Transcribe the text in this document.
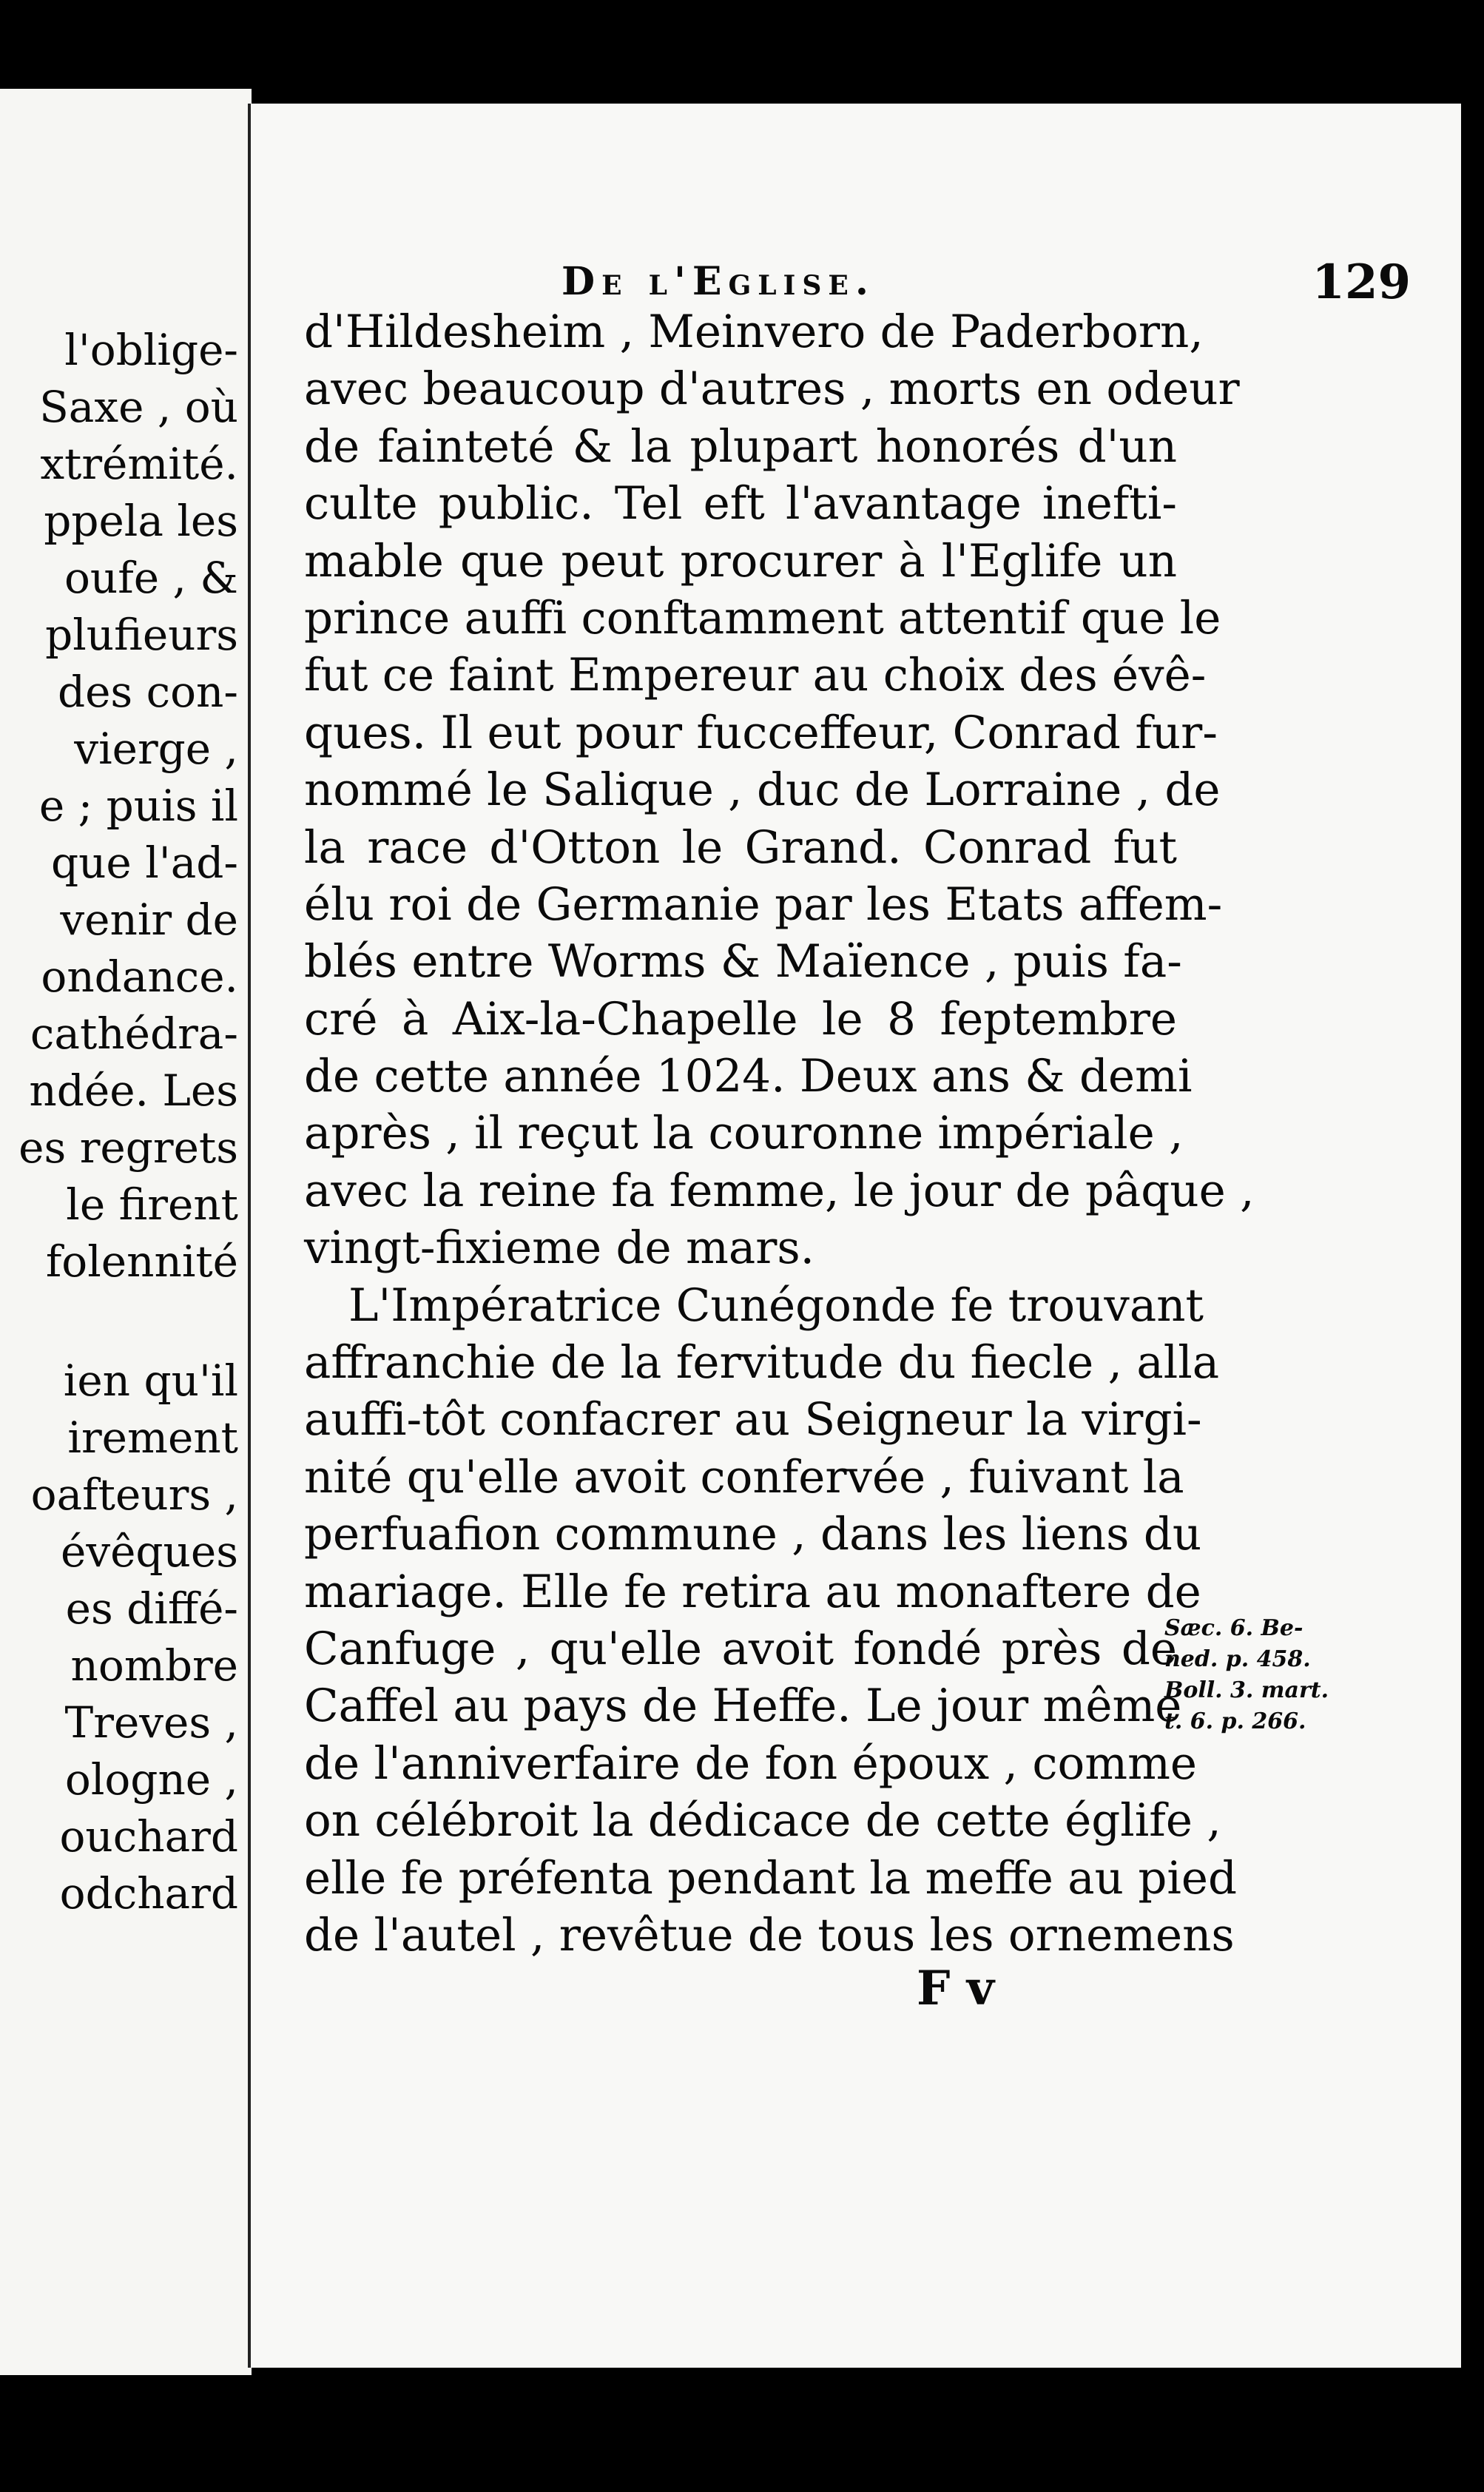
l'oblige-
Saxe , où
xtrémité.
ppela les
oufe , &
plufieurs
des con-
vierge ,
e ; puis il
que l'ad-
venir de
ondance.
cathédra-
ndée. Les
es regrets
le firent
folennité
ien qu'il
irement
oafteurs ,
évêques
es diffé-
nombre
Treves ,
ologne ,
ouchard
odchard
De l'Eglise.	129
d'Hildesheim , Meinvero de Paderborn,
avec beaucoup d'autres , morts en odeur
de fainteté & la plupart honorés d'un
culte public. Tel eft l'avantage inefti-
mable que peut procurer à l'Eglife un
prince auffi conftamment attentif que le
fut ce faint Empereur au choix des évê-
ques. Il eut pour fucceffeur, Conrad fur-
nommé le Salique , duc de Lorraine , de
la race d'Otton le Grand. Conrad fut
élu roi de Germanie par les Etats affem-
blés entre Worms & Maïence , puis fa-
cré à Aix-la-Chapelle le 8 feptembre
de cette année 1024. Deux ans & demi
après , il reçut la couronne impériale ,
avec la reine fa femme, le jour de pâque ,
vingt-fixieme de mars.
L'Impératrice Cunégonde fe trouvant
affranchie de la fervitude du fiecle , alla
auffi-tôt confacrer au Seigneur la virgi-
nité qu'elle avoit confervée , fuivant la
perfuafion commune , dans les liens du
mariage. Elle fe retira au monaftere de
Canfuge , qu'elle avoit fondé près de
Caffel au pays de Heffe. Le jour même
de l'anniverfaire de fon époux , comme
on célébroit la dédicace de cette églife ,
elle fe préfenta pendant la meffe au pied
de l'autel , revêtue de tous les ornemens
F v
Sæc. 6. Be-
ned. p. 458.
Boll. 3. mart.
t. 6. p. 266.
